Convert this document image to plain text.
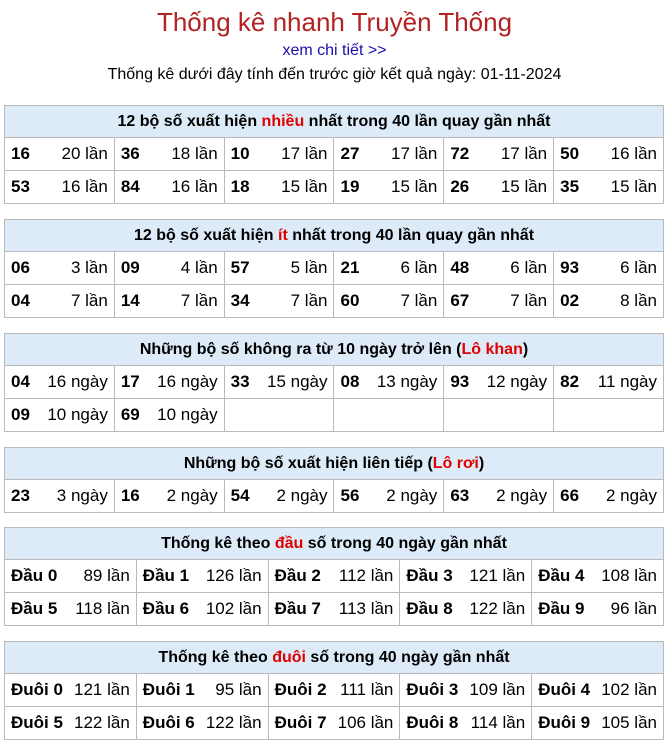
Thống kê nhanh Truyền Thống
xem chi tiết >>
Thống kê dưới đây tính đến trước giờ kết quả ngày: 01-11-2024
12 bộ số xuất hiện nhiều nhất trong 40 lần quay gần nhất					

16 20 lần	36 18 lần	10 17 lần	27 17 lần	72 17 lần	50 16 lần

53 16 lần	84 16 lần	18 15 lần	19 15 lần	26 15 lần	35 15 lần
12 bộ số xuất hiện ít nhất trong 40 lần quay gần nhất					

06 3 lần	09 4 lần	57 5 lần	21 6 lần	48 6 lần	93 6 lần

04 7 lần	14 7 lần	34 7 lần	60 7 lần	67 7 lần	02 8 lần
Những bộ số không ra từ 10 ngày trở lên (Lô khan)					

04 16 ngày	17 16 ngày	33 15 ngày	08 13 ngày	93 12 ngày	82 11 ngày

09 10 ngày	69 10 ngày				

Những bộ số xuất hiện liên tiếp (Lô rơi)

23 3 ngày	16 2 ngày	54 2 ngày	56 2 ngày	63 2 ngày	66 2 ngày
Thống kê theo đầu số trong 40 ngày gần nhất				

Đầu 0 89 lần	Đầu 1 126 lần	Đầu 2 112 lần	Đầu 3 121 lần	Đầu 4 108 lần

Đầu 5 118 lần	Đầu 6 102 lần	Đầu 7 113 lần	Đầu 8 122 lần	Đầu 9 96 lần
Thống kê theo đuôi số trong 40 ngày gần nhất				

Đuôi 0 121 lần	Đuôi 1 95 lần	Đuôi 2 111 lần	Đuôi 3 109 lần	Đuôi 4 102 lần

Đuôi 5 122 lần	Đuôi 6 122 lần	Đuôi 7 106 lần	Đuôi 8 114 lần	Đuôi 9 105 lần
